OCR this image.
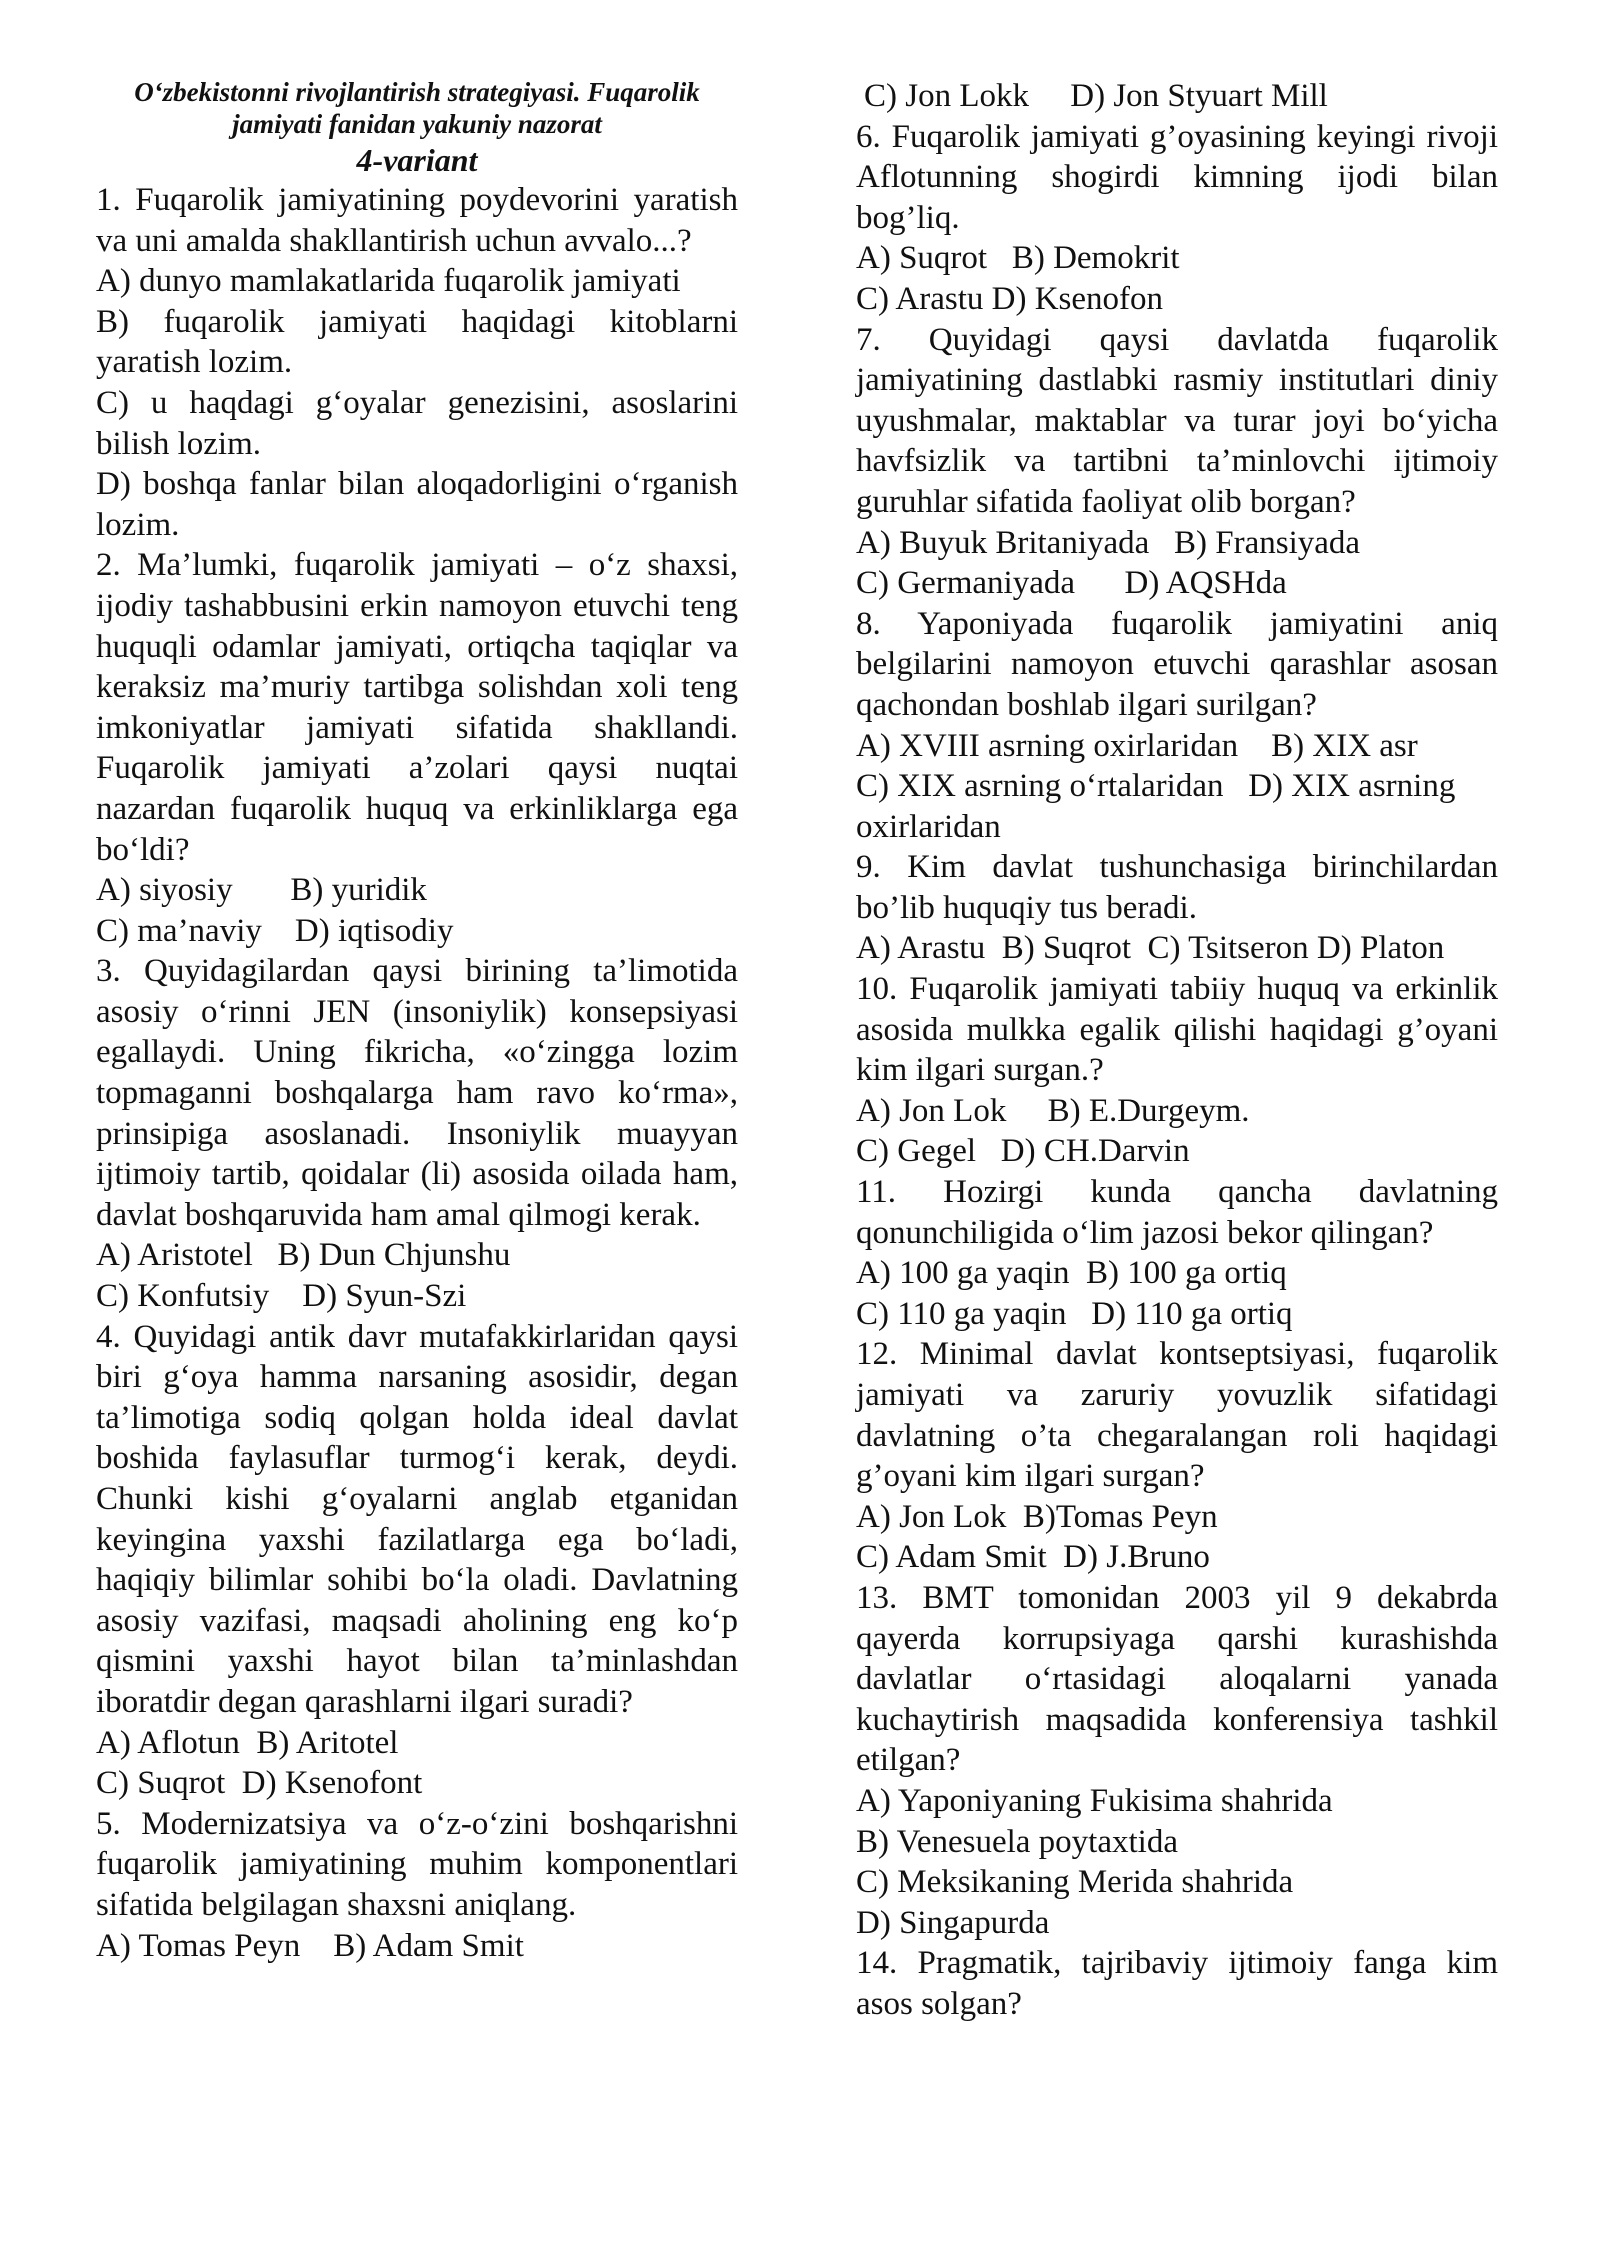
O‘zbekistonni rivojlantirish strategiyasi. Fuqarolik jamiyati fanidan yakuniy nazorat
4-variant

1. Fuqarolik jamiyatining poydevorini yaratish va uni amalda shakllantirish uchun avvalo...?

A) dunyo mamlakatlarida fuqarolik jamiyati

B) fuqarolik jamiyati haqidagi kitoblarni yaratish lozim.

C) u haqdagi g‘oyalar genezisini, asoslarini bilish lozim.

D) boshqa fanlar bilan aloqadorligini o‘rganish lozim.

2. Ma’lumki, fuqarolik jamiyati – o‘z shaxsi, ijodiy tashabbusini erkin namoyon etuvchi teng huquqli odamlar jamiyati, ortiqcha taqiqlar va keraksiz ma’muriy tartibga solishdan xoli teng imkoniyatlar jamiyati sifatida shakllandi. Fuqarolik jamiyati a’zolari qaysi nuqtai nazardan fuqarolik huquq va erkinliklarga ega bo‘ldi?

A) siyosiy       B) yuridik

C) ma’naviy    D) iqtisodiy

3. Quyidagilardan qaysi birining ta’limotida asosiy o‘rinni JEN (insoniylik) konsepsiyasi egallaydi. Uning fikricha, «o‘zingga lozim topmaganni boshqalarga ham ravo ko‘rma», prinsipiga asoslanadi. Insoniylik muayyan ijtimoiy tartib, qoidalar (li) asosida oilada ham, davlat boshqaruvida ham amal qilmogi kerak.

A) Aristotel   B) Dun Chjunshu

C) Konfutsiy    D) Syun-Szi

4. Quyidagi antik davr mutafakkirlaridan qaysi biri g‘oya hamma narsaning asosidir, degan ta’limotiga sodiq qolgan holda ideal davlat boshida faylasuflar turmog‘i kerak, deydi. Chunki kishi g‘oyalarni anglab etganidan keyingina yaxshi fazilatlarga ega bo‘ladi, haqiqiy bilimlar sohibi bo‘la oladi. Davlatning asosiy vazifasi, maqsadi aholining eng ko‘p qismini yaxshi hayot bilan ta’minlashdan iboratdir degan qarashlarni ilgari suradi?

A) Aflotun  B) Aritotel

C) Suqrot  D) Ksenofont

5. Modernizatsiya va o‘z-o‘zini boshqarishni fuqarolik jamiyatining muhim komponentlari sifatida belgilagan shaxsni aniqlang.

A) Tomas Peyn    B) Adam Smit

C) Jon Lokk     D) Jon Styuart Mill

6. Fuqarolik jamiyati g’oyasining keyingi rivoji Aflotunning shogirdi kimning ijodi bilan bog’liq.

A) Suqrot   B) Demokrit

C) Arastu D) Ksenofon

7. Quyidagi qaysi davlatda fuqarolik jamiyatining dastlabki rasmiy institutlari diniy uyushmalar, maktablar va turar joyi bo‘yicha havfsizlik va tartibni ta’minlovchi ijtimoiy guruhlar sifatida faoliyat olib borgan?

A) Buyuk Britaniyada   B) Fransiyada

C) Germaniyada      D) AQSHda

8. Yaponiyada fuqarolik jamiyatini aniq belgilarini namoyon etuvchi qarashlar asosan qachondan boshlab ilgari surilgan?

A) XVIII asrning oxirlaridan    B) XIX asr

C) XIX asrning o‘rtalaridan   D) XIX asrning oxirlaridan

9. Kim davlat tushunchasiga birinchilardan bo’lib huquqiy tus beradi.

A) Arastu  B) Suqrot  C) Tsitseron D) Platon

10. Fuqarolik jamiyati tabiiy huquq va erkinlik asosida mulkka egalik qilishi haqidagi g’oyani kim ilgari surgan.?

A) Jon Lok     B) E.Durgeym.

C) Gegel   D) CH.Darvin

11. Hozirgi kunda qancha davlatning qonunchiligida o‘lim jazosi bekor qilingan?

A) 100 ga yaqin  B) 100 ga ortiq

C) 110 ga yaqin   D) 110 ga ortiq

12. Minimal davlat kontseptsiyasi, fuqarolik jamiyati va zaruriy yovuzlik sifatidagi davlatning o’ta chegaralangan roli haqidagi g’oyani kim ilgari surgan?

A) Jon Lok  B)Tomas Peyn

C) Adam Smit  D) J.Bruno

13. BMT tomonidan 2003 yil 9 dekabrda qayerda korrupsiyaga qarshi kurashishda davlatlar o‘rtasidagi aloqalarni yanada kuchaytirish maqsadida konferensiya tashkil etilgan?

A) Yaponiyaning Fukisima shahrida

B) Venesuela poytaxtida

C) Meksikaning Merida shahrida

D) Singapurda

14. Pragmatik, tajribaviy ijtimoiy fanga kim asos solgan?
